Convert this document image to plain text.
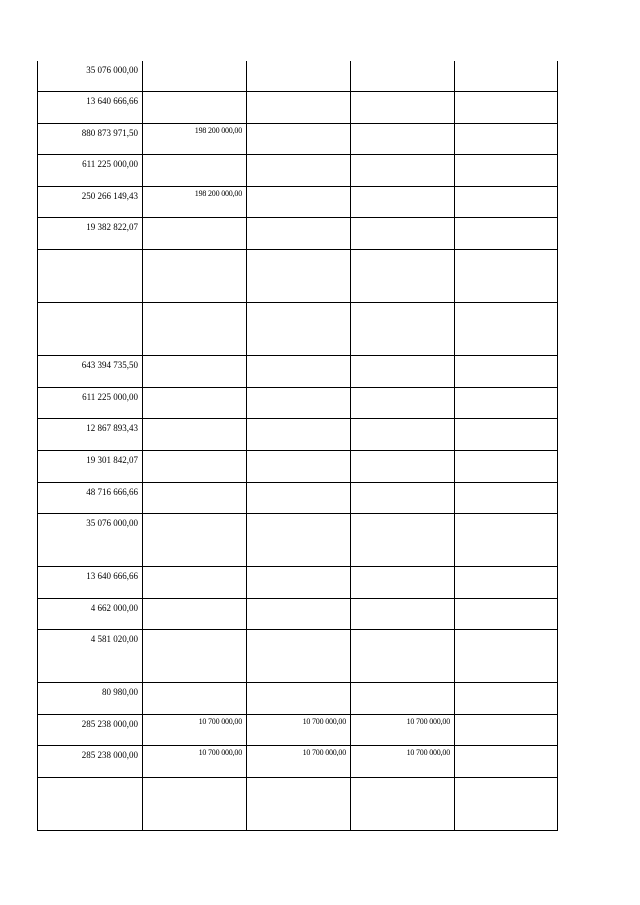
35 076 000,00				

13 640 666,66				

880 873 971,50	198 200 000,00			

611 225 000,00				

250 266 149,43	198 200 000,00			

19 382 822,07				

643 394 735,50				

611 225 000,00				

12 867 893,43				

19 301 842,07				

48 716 666,66				

35 076 000,00				

13 640 666,66				

4 662 000,00				

4 581 020,00				

80 980,00				

285 238 000,00	10 700 000,00	10 700 000,00	10 700 000,00	

285 238 000,00	10 700 000,00	10 700 000,00	10 700 000,00	
